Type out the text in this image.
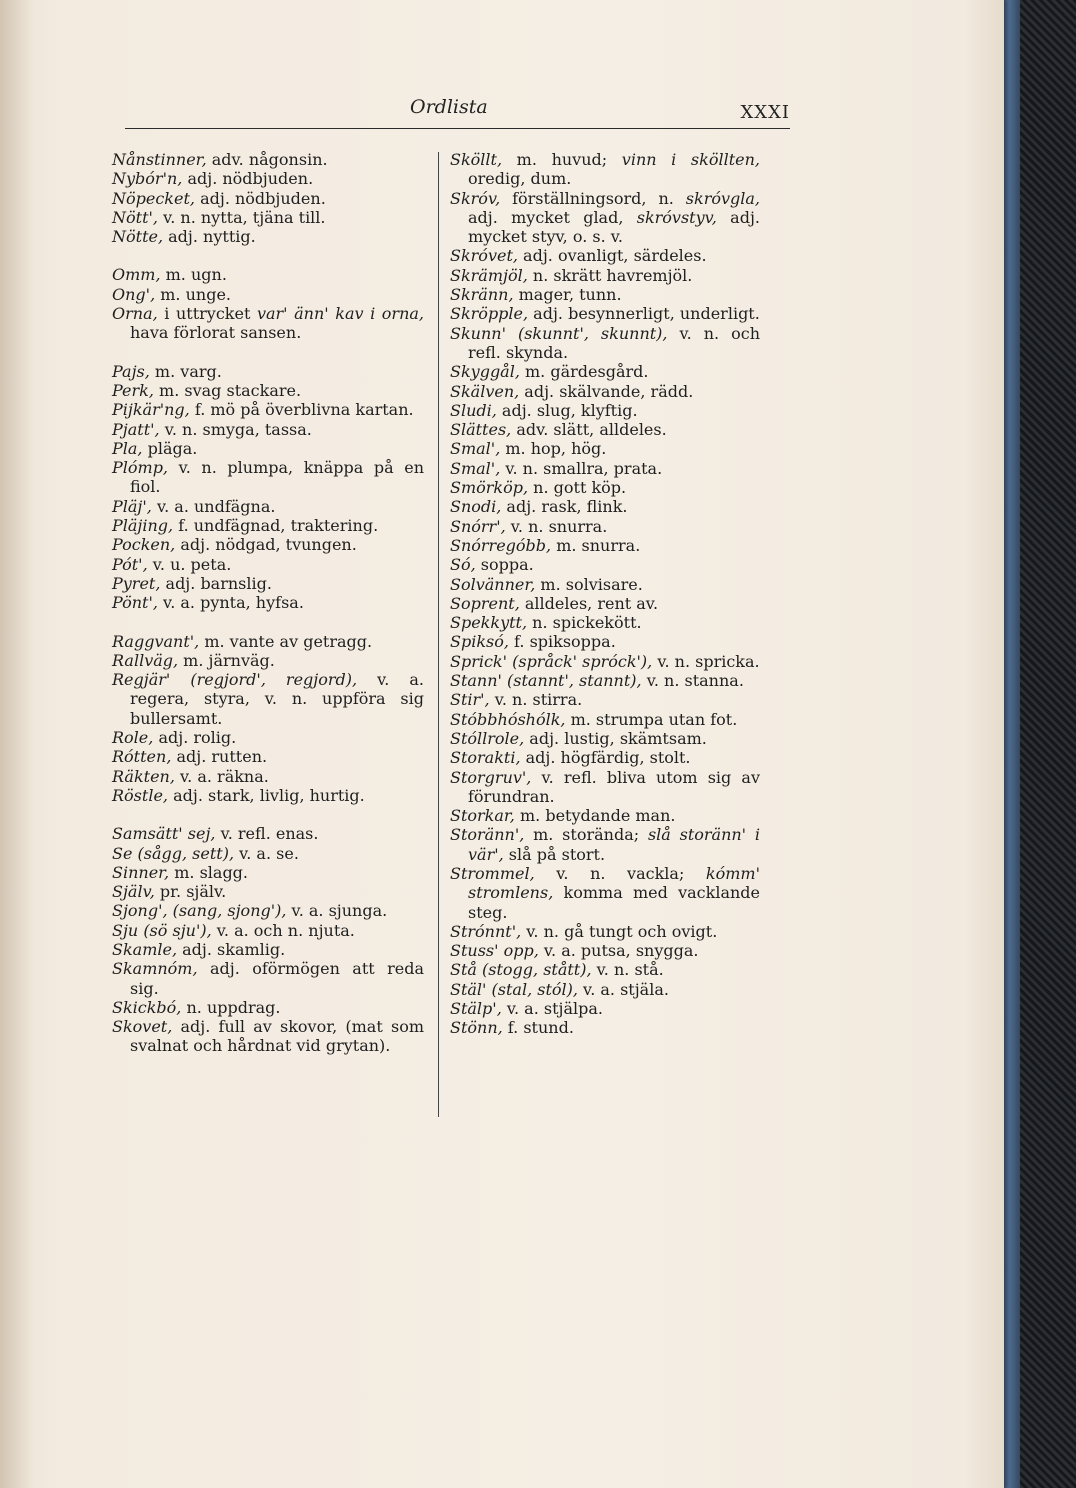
Ordlista	XXXI

Nånstinner, adv. någonsin.

Nybór'n, adj. nödbjuden.

Nöpecket, adj. nödbjuden.

Nött', v. n. nytta, tjäna till.

Nötte, adj. nyttig.

Omm, m. ugn.

Ong', m. unge.

Orna, i uttrycket var' änn' kav i orna, hava förlorat sansen.

Pajs, m. varg.

Perk, m. svag stackare.

Pijkär'ng, f. mö på överblivna kartan.

Pjatt', v. n. smyga, tassa.

Pla, pläga.

Plómp, v. n. plumpa, knäppa på en fiol.

Pläj', v. a. undfägna.

Pläjing, f. undfägnad, traktering.

Pocken, adj. nödgad, tvungen.

Pót', v. u. peta.

Pyret, adj. barnslig.

Pönt', v. a. pynta, hyfsa.

Raggvant', m. vante av getragg.

Rallväg, m. järnväg.

Regjär' (regjord', regjord), v. a. regera, styra, v. n. uppföra sig bullersamt.

Role, adj. rolig.

Rótten, adj. rutten.

Räkten, v. a. räkna.

Röstle, adj. stark, livlig, hurtig.

Samsätt' sej, v. refl. enas.

Se (sågg, sett), v. a. se.

Sinner, m. slagg.

Själv, pr. själv.

Sjong', (sang, sjong'), v. a. sjunga.

Sju (sö sju'), v. a. och n. njuta.

Skamle, adj. skamlig.

Skamnóm, adj. oförmögen att reda sig.

Skickbó, n. uppdrag.

Skovet, adj. full av skovor, (mat som svalnat och hårdnat vid grytan).

Sköllt, m. huvud; vinn i sköllten, oredig, dum.

Skróv, förställningsord, n. skróvgla, adj. mycket glad, skróvstyv, adj. mycket styv, o. s. v.

Skróvet, adj. ovanligt, särdeles.

Skrämjöl, n. skrätt havremjöl.

Skränn, mager, tunn.

Skröpple, adj. besynnerligt, underligt.

Skunn' (skunnt', skunnt), v. n. och refl. skynda.

Skyggål, m. gärdesgård.

Skälven, adj. skälvande, rädd.

Sludi, adj. slug, klyftig.

Slättes, adv. slätt, alldeles.

Smal', m. hop, hög.

Smal', v. n. smallra, prata.

Smörköp, n. gott köp.

Snodi, adj. rask, flink.

Snórr', v. n. snurra.

Snórregóbb, m. snurra.

Só, soppa.

Solvänner, m. solvisare.

Soprent, alldeles, rent av.

Spekkytt, n. spickekött.

Spiksó, f. spiksoppa.

Sprick' (språck' spróck'), v. n. spricka.

Stann' (stannt', stannt), v. n. stanna.

Stir', v. n. stirra.

Stóbbhóshólk, m. strumpa utan fot.

Stóllrole, adj. lustig, skämtsam.

Storakti, adj. högfärdig, stolt.

Storgruv', v. refl. bliva utom sig av förundran.

Storkar, m. betydande man.

Storänn', m. storända; slå storänn' i vär', slå på stort.

Strommel, v. n. vackla; kómm' stromlens, komma med vacklande steg.

Strónnt', v. n. gå tungt och ovigt.

Stuss' opp, v. a. putsa, snygga.

Stå (stogg, stått), v. n. stå.

Stäl' (stal, stól), v. a. stjäla.

Stälp', v. a. stjälpa.

Stönn, f. stund.
